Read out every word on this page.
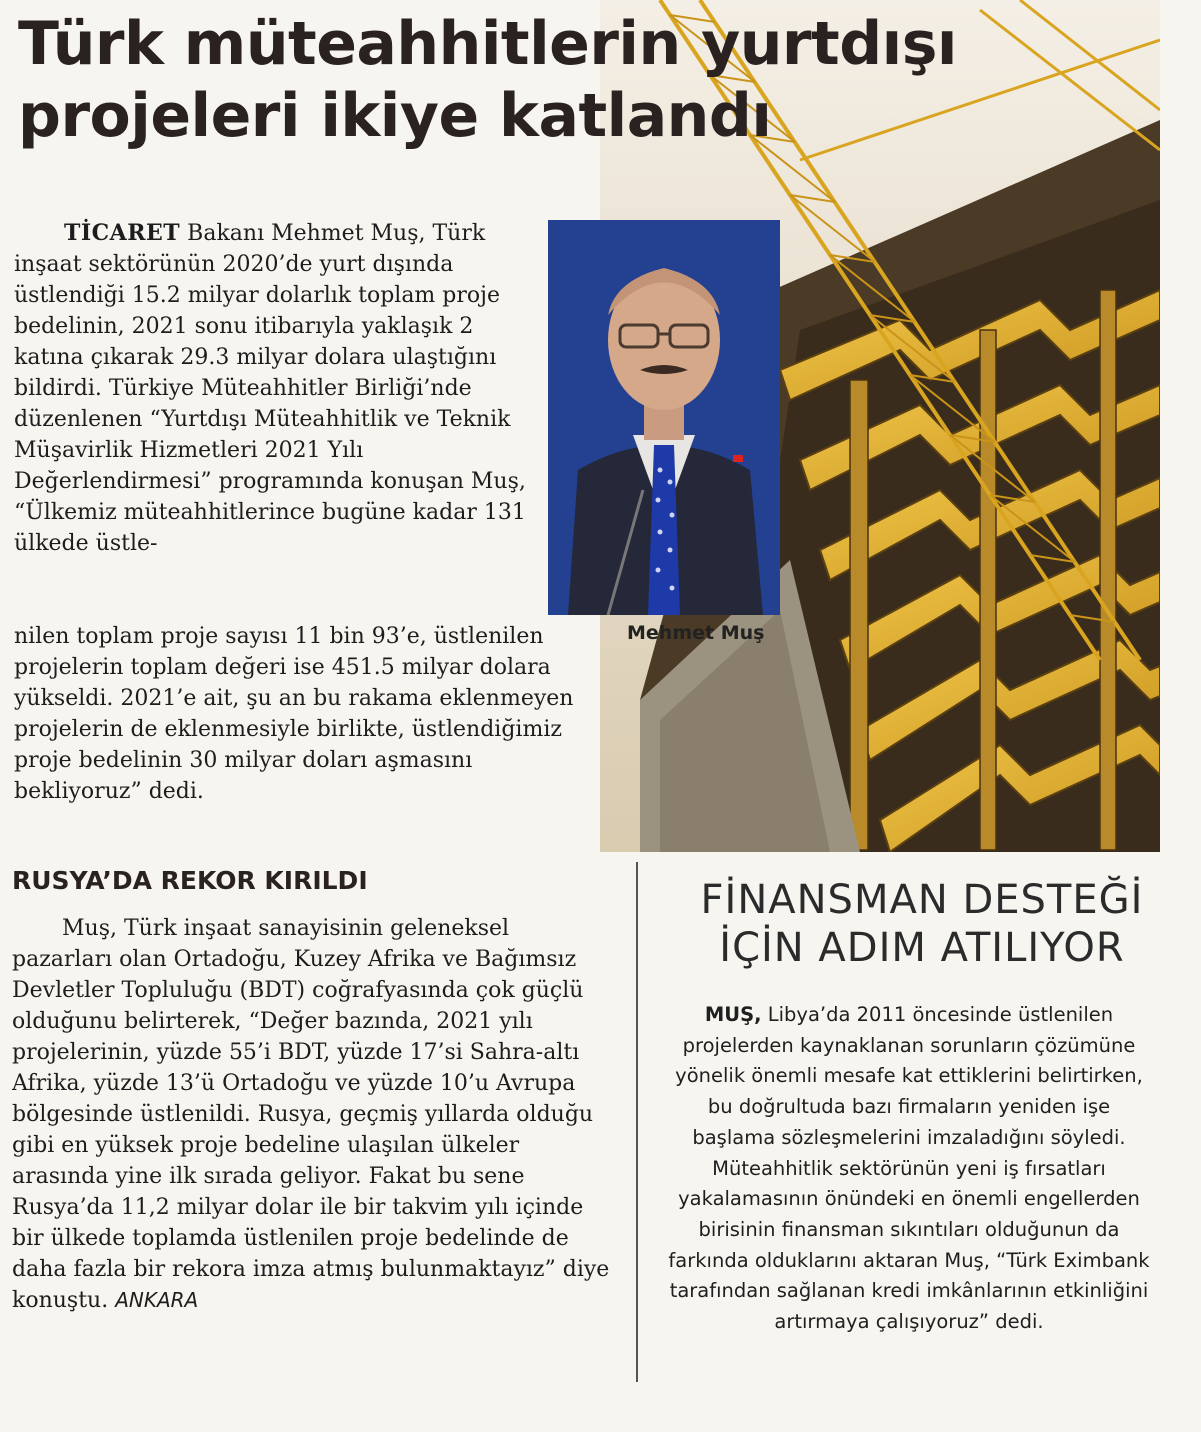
Türk müteahhitlerin yurtdışı projeleri ikiye katlandı
Mehmet Muş

TİCARET Bakanı Mehmet Muş, Türk inşaat sektörünün 2020’de yurt dışında üstlendiği 15.2 milyar dolarlık toplam proje bedelinin, 2021 sonu itibarıyla yaklaşık 2 katına çıkarak 29.3 milyar dolara ulaştığını bildirdi. Türkiye Müteahhitler Birliği’nde düzenlenen “Yurtdışı Müteahhitlik ve Teknik Müşavirlik Hizmetleri 2021 Yılı Değerlendirmesi” programında konuşan Muş, “Ülkemiz müteahhitlerince bugüne kadar 131 ülkede üstle-

nilen toplam proje sayısı 11 bin 93’e, üstlenilen projelerin toplam değeri ise 451.5 milyar dolara yükseldi. 2021’e ait, şu an bu rakama eklenmeyen projelerin de eklenmesiyle birlikte, üstlendiğimiz proje bedelinin 30 milyar doları aşmasını bekliyoruz” dedi.

RUSYA’DA REKOR KIRILDI

Muş, Türk inşaat sanayisinin geleneksel pazarları olan Ortadoğu, Kuzey Afrika ve Bağımsız Devletler Topluluğu (BDT) coğrafyasında çok güçlü olduğunu belirterek, “Değer bazında, 2021 yılı projelerinin, yüzde 55’i BDT, yüzde 17’si Sahra-altı Afrika, yüzde 13’ü Ortadoğu ve yüzde 10’u Avrupa bölgesinde üstlenildi. Rusya, geçmiş yıllarda olduğu gibi en yüksek proje bedeline ulaşılan ülkeler arasında yine ilk sırada geliyor. Fakat bu sene Rusya’da 11,2 milyar dolar ile bir takvim yılı içinde bir ülkede toplamda üstlenilen proje bedelinde de daha fazla bir rekora imza atmış bulunmaktayız” diye konuştu. ANKARA

FİNANSMAN DESTEĞİ
İÇİN ADIM ATILIYOR

MUŞ, Libya’da 2011 öncesinde üstlenilen projelerden kaynaklanan sorunların çözümüne yönelik önemli mesafe kat ettiklerini belirtirken, bu doğrultuda bazı firmaların yeniden işe başlama sözleşmelerini imzaladığını söyledi. Müteahhitlik sektörünün yeni iş fırsatları yakalamasının önündeki en önemli engellerden birisinin finansman sıkıntıları olduğunun da farkında olduklarını aktaran Muş, “Türk Eximbank tarafından sağlanan kredi imkânlarının etkinliğini artırmaya çalışıyoruz” dedi.
